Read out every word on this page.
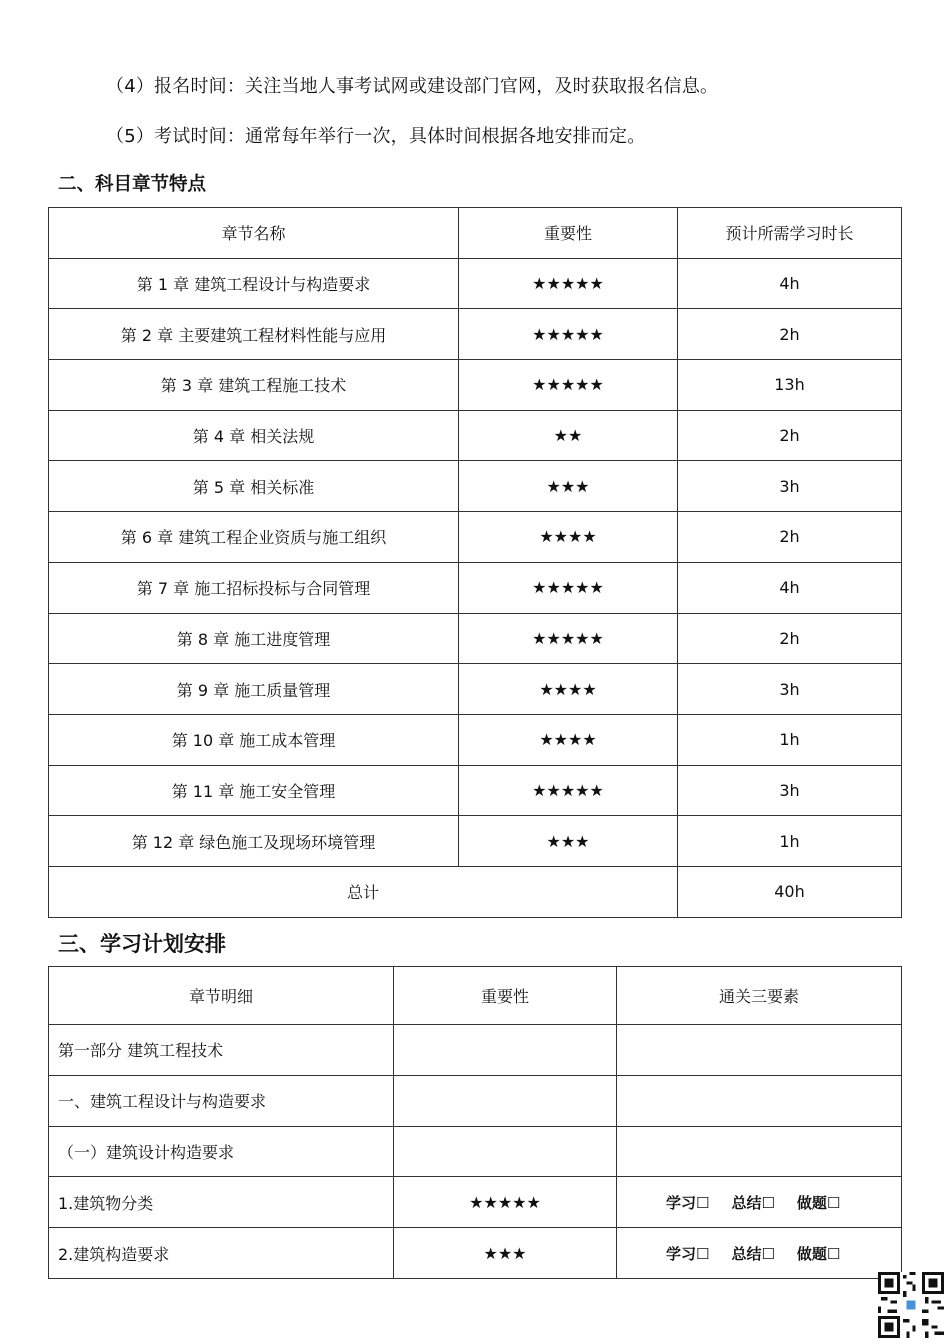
（4）报名时间：关注当地人事考试网或建设部门官网，及时获取报名信息。
（5）考试时间：通常每年举行一次，具体时间根据各地安排而定。
二、科目章节特点
章节名称	重要性	预计所需学习时长
第 1 章 建筑工程设计与构造要求	★★★★★	4h
第 2 章 主要建筑工程材料性能与应用	★★★★★	2h
第 3 章 建筑工程施工技术	★★★★★	13h
第 4 章 相关法规	★★	2h
第 5 章 相关标准	★★★	3h
第 6 章 建筑工程企业资质与施工组织	★★★★	2h
第 7 章 施工招标投标与合同管理	★★★★★	4h
第 8 章 施工进度管理	★★★★★	2h
第 9 章 施工质量管理	★★★★	3h
第 10 章 施工成本管理	★★★★	1h
第 11 章 施工安全管理	★★★★★	3h
第 12 章 绿色施工及现场环境管理	★★★	1h
总计		40h
三、学习计划安排
章节明细	重要性	通关三要素
第一部分 建筑工程技术		
一、建筑工程设计与构造要求		
（一）建筑设计构造要求		
1.建筑物分类	★★★★★	学习☐ 总结☐ 做题☐
2.建筑构造要求	★★★	学习☐ 总结☐ 做题☐
